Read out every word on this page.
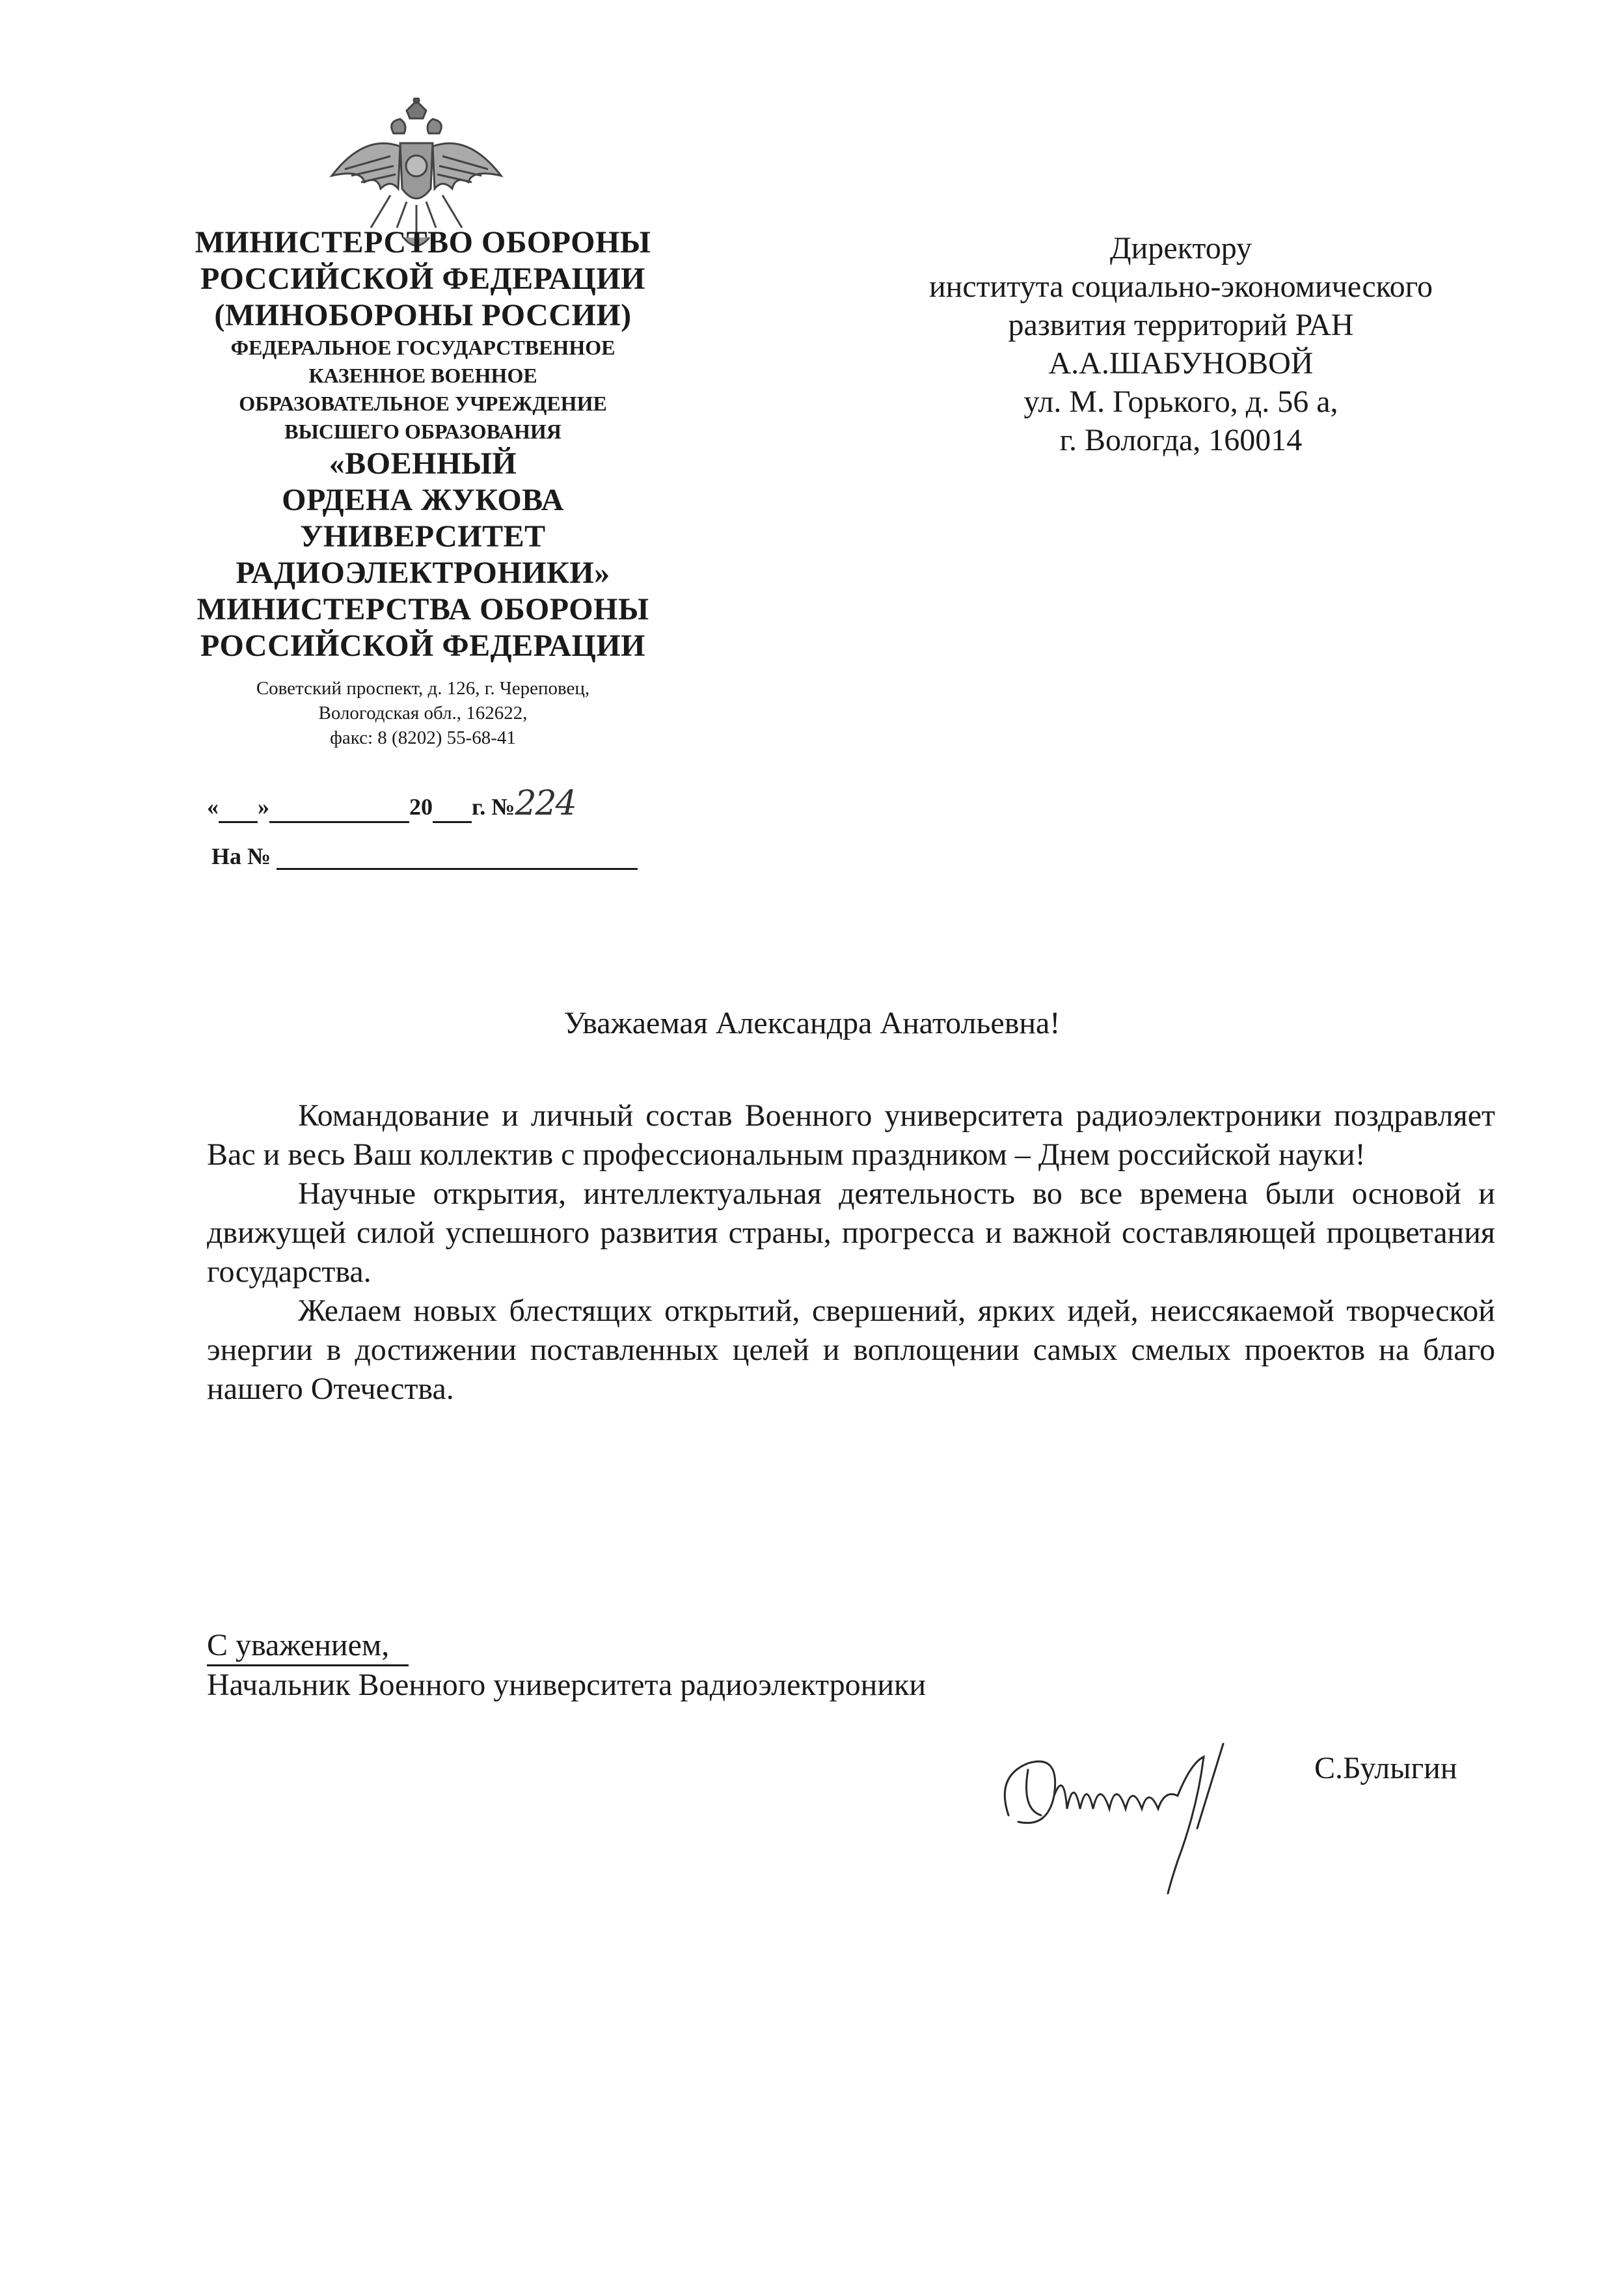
МИНИСТЕРСТВО ОБОРОНЫ
РОССИЙСКОЙ ФЕДЕРАЦИИ
(МИНОБОРОНЫ РОССИИ)
ФЕДЕРАЛЬНОЕ ГОСУДАРСТВЕННОЕ
КАЗЕННОЕ ВОЕННОЕ
ОБРАЗОВАТЕЛЬНОЕ УЧРЕЖДЕНИЕ
ВЫСШЕГО ОБРАЗОВАНИЯ
«ВОЕННЫЙ
ОРДЕНА ЖУКОВА
УНИВЕРСИТЕТ
РАДИОЭЛЕКТРОНИКИ»
МИНИСТЕРСТВА ОБОРОНЫ
РОССИЙСКОЙ ФЕДЕРАЦИИ
Советский проспект, д. 126, г. Череповец,
Вологодская обл., 162622,
факс: 8 (8202) 55-68-41
« »	20 г. №224
На №
Директору
института социально-экономического
развития территорий РАН
А.А.ШАБУНОВОЙ
ул. М. Горького, д. 56 а,
г. Вологда, 160014
Уважаемая Александра Анатольевна!

Командование и личный состав Военного университета радиоэлектроники поздравляет Вас и весь Ваш коллектив с профессиональным праздником – Днем российской науки!

Научные открытия, интеллектуальная деятельность во все времена были основой и движущей силой успешного развития страны, прогресса и важной составляющей процветания государства.

Желаем новых блестящих открытий, свершений, ярких идей, неиссякаемой творческой энергии в достижении поставленных целей и воплощении самых смелых проектов на благо нашего Отечества.

С уважением,
Начальник Военного университета радиоэлектроники
С.Булыгин
